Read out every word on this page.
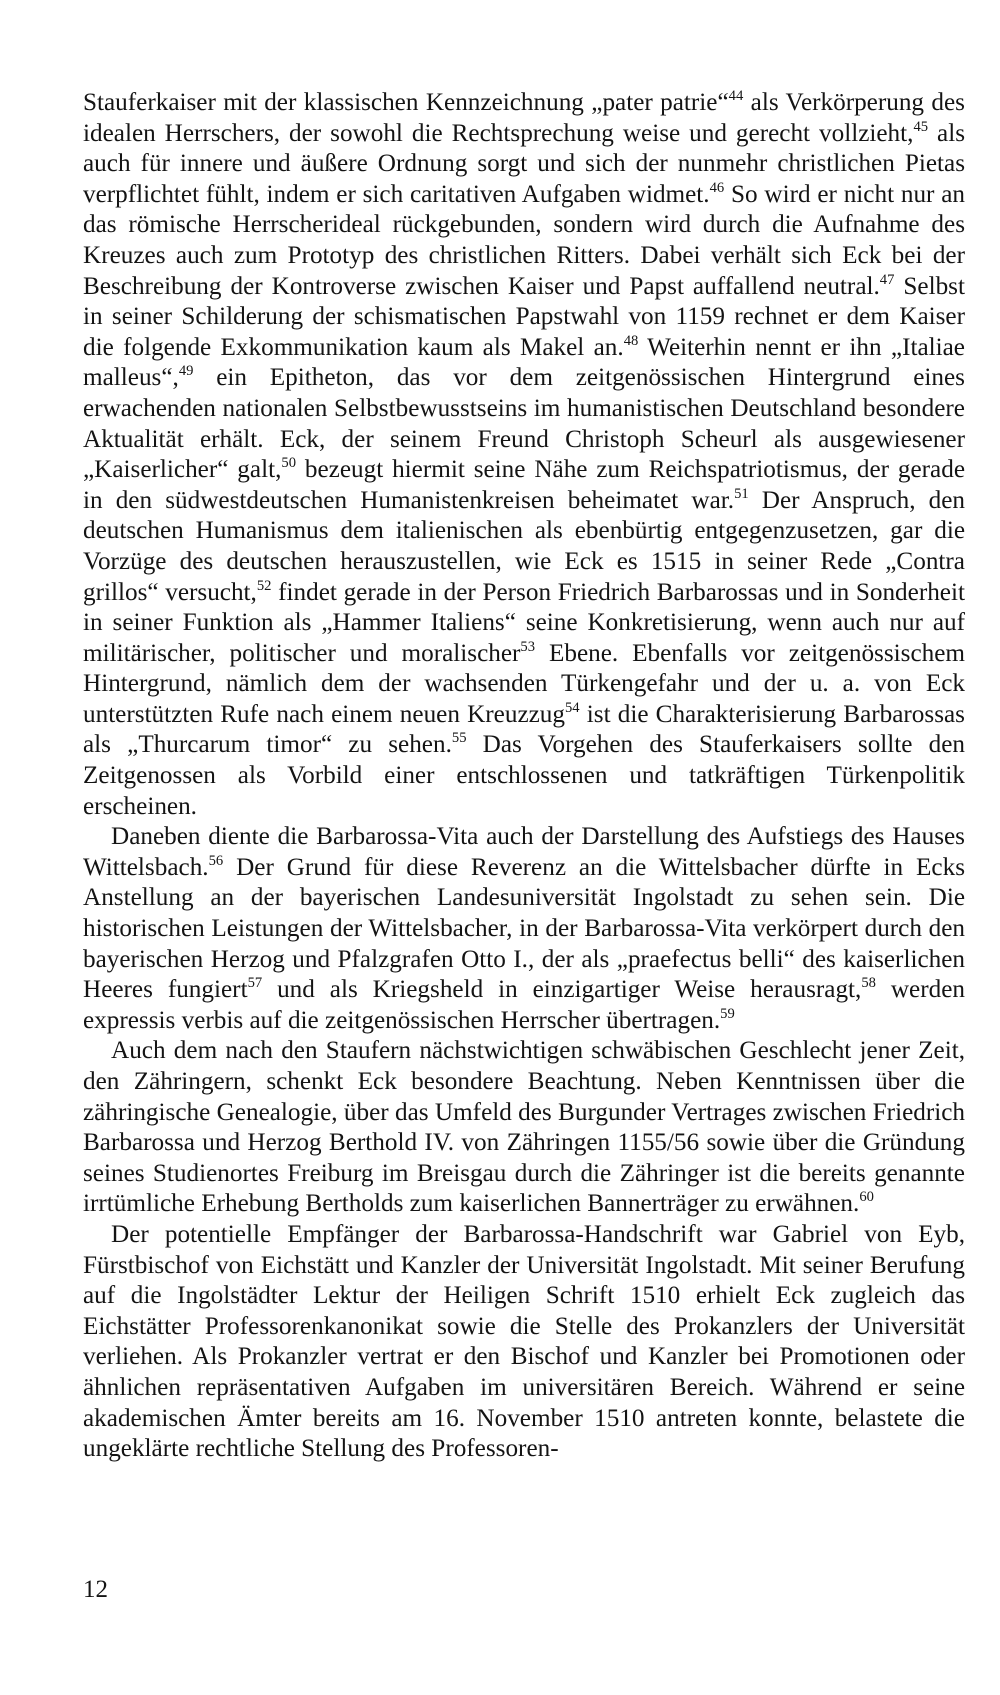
Stauferkaiser mit der klassischen Kennzeichnung „pater patrie“$^{44}$ als Verkörperung des idealen Herrschers, der sowohl die Rechtsprechung weise und gerecht vollzieht,$^{45}$ als auch für innere und äußere Ordnung sorgt und sich der nunmehr christlichen Pietas verpflichtet fühlt, indem er sich caritativen Aufgaben widmet.$^{46}$ So wird er nicht nur an das römische Herrscherideal rückgebunden, sondern wird durch die Aufnahme des Kreuzes auch zum Prototyp des christlichen Ritters. Dabei verhält sich Eck bei der Beschreibung der Kontroverse zwischen Kaiser und Papst auffallend neutral.$^{47}$ Selbst in seiner Schilderung der schismatischen Papstwahl von 1159 rechnet er dem Kaiser die folgende Exkommunikation kaum als Makel an.$^{48}$ Weiterhin nennt er ihn „Italiae malleus“,$^{49}$ ein Epitheton, das vor dem zeitgenössischen Hintergrund eines erwachenden nationalen Selbstbewusstseins im humanistischen Deutschland besondere Aktualität erhält. Eck, der seinem Freund Christoph Scheurl als ausgewiesener „Kaiserlicher“ galt,$^{50}$ bezeugt hiermit seine Nähe zum Reichspatriotismus, der gerade in den südwestdeutschen Humanistenkreisen beheimatet war.$^{51}$ Der Anspruch, den deutschen Humanismus dem italienischen als ebenbürtig entgegenzusetzen, gar die Vorzüge des deutschen herauszustellen, wie Eck es 1515 in seiner Rede „Contra grillos“ versucht,$^{52}$ findet gerade in der Person Friedrich Barbarossas und in Sonderheit in seiner Funktion als „Hammer Italiens“ seine Konkretisierung, wenn auch nur auf militärischer, politischer und moralischer$^{53}$ Ebene. Ebenfalls vor zeitgenössischem Hintergrund, nämlich dem der wachsenden Türkengefahr und der u. a. von Eck unterstützten Rufe nach einem neuen Kreuzzug$^{54}$ ist die Charakterisierung Barbarossas als „Thurcarum timor“ zu sehen.$^{55}$ Das Vorgehen des Stauferkaisers sollte den Zeitgenossen als Vorbild einer entschlossenen und tatkräftigen Türkenpolitik erscheinen.

Daneben diente die Barbarossa-Vita auch der Darstellung des Aufstiegs des Hauses Wittelsbach.$^{56}$ Der Grund für diese Reverenz an die Wittelsbacher dürfte in Ecks Anstellung an der bayerischen Landesuniversität Ingolstadt zu sehen sein. Die historischen Leistungen der Wittelsbacher, in der Barbarossa-Vita verkörpert durch den bayerischen Herzog und Pfalzgrafen Otto I., der als „praefectus belli“ des kaiserlichen Heeres fungiert$^{57}$ und als Kriegsheld in einzigartiger Weise herausragt,$^{58}$ werden expressis verbis auf die zeitgenössischen Herrscher übertragen.$^{59}$

Auch dem nach den Staufern nächstwichtigen schwäbischen Geschlecht jener Zeit, den Zähringern, schenkt Eck besondere Beachtung. Neben Kenntnissen über die zähringische Genealogie, über das Umfeld des Burgunder Vertrages zwischen Friedrich Barbarossa und Herzog Berthold IV. von Zähringen 1155/56 sowie über die Gründung seines Studienortes Freiburg im Breisgau durch die Zähringer ist die bereits genannte irrtümliche Erhebung Bertholds zum kaiserlichen Bannerträger zu erwähnen.$^{60}$

Der potentielle Empfänger der Barbarossa-Handschrift war Gabriel von Eyb, Fürstbischof von Eichstätt und Kanzler der Universität Ingolstadt. Mit seiner Berufung auf die Ingolstädter Lektur der Heiligen Schrift 1510 erhielt Eck zugleich das Eichstätter Professorenkanonikat sowie die Stelle des Prokanzlers der Universität verliehen. Als Prokanzler vertrat er den Bischof und Kanzler bei Promotionen oder ähnlichen repräsentativen Aufgaben im universitären Bereich. Während er seine akademischen Ämter bereits am 16. November 1510 antreten konnte, belastete die ungeklärte rechtliche Stellung des Professoren-

12
